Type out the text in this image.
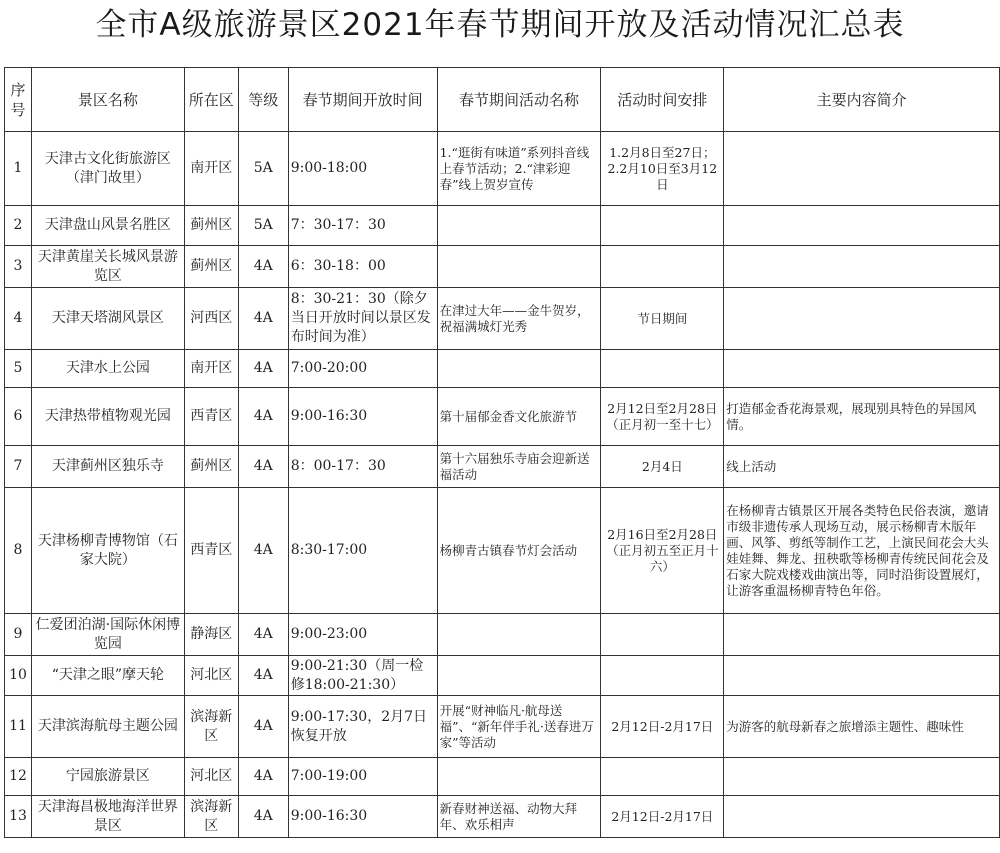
全市A级旅游景区2021年春节期间开放及活动情况汇总表
序号	景区名称	所在区	等级	春节期间开放时间	春节期间活动名称	活动时间安排	主要内容简介
1	天津古文化街旅游区（津门故里）	南开区	5A	9:00-18:00	1.“逛街有味道”系列抖音线上春节活动；2.“津彩迎春”线上贺岁宣传	1.2月8日至27日；2.2月10日至3月12日	
2	天津盘山风景名胜区	蓟州区	5A	7：30-17：30			
3	天津黄崖关长城风景游览区	蓟州区	4A	6：30-18：00			
4	天津天塔湖风景区	河西区	4A	8：30-21：30（除夕当日开放时间以景区发布时间为准）	在津过大年——金牛贺岁，祝福满城灯光秀	节日期间	
5	天津水上公园	南开区	4A	7:00-20:00			
6	天津热带植物观光园	西青区	4A	9:00-16:30	第十届郁金香文化旅游节	2月12日至2月28日（正月初一至十七）	打造郁金香花海景观，展现别具特色的异国风情。
7	天津蓟州区独乐寺	蓟州区	4A	8：00-17：30	第十六届独乐寺庙会迎新送福活动	2月4日	线上活动
8	天津杨柳青博物馆（石家大院）	西青区	4A	8:30-17:00	杨柳青古镇春节灯会活动	2月16日至2月28日（正月初五至正月十六）	在杨柳青古镇景区开展各类特色民俗表演，邀请市级非遗传承人现场互动，展示杨柳青木版年画、风筝、剪纸等制作工艺，上演民间花会大头娃娃舞、舞龙、扭秧歌等杨柳青传统民间花会及石家大院戏楼戏曲演出等，同时沿街设置展灯，让游客重温杨柳青特色年俗。
9	仁爱团泊湖·国际休闲博览园	静海区	4A	9:00-23:00			
10	“天津之眼”摩天轮	河北区	4A	9:00-21:30（周一检修18:00-21:30）			
11	天津滨海航母主题公园	滨海新区	4A	9:00-17:30，2月7日恢复开放	开展“财神临凡·航母送福”、“新年伴手礼·送春进万家”等活动	2月12日-2月17日	为游客的航母新春之旅增添主题性、趣味性
12	宁园旅游景区	河北区	4A	7:00-19:00			
13	天津海昌极地海洋世界景区	滨海新区	4A	9:00-16:30	新春财神送福、动物大拜年、欢乐相声	2月12日-2月17日	
